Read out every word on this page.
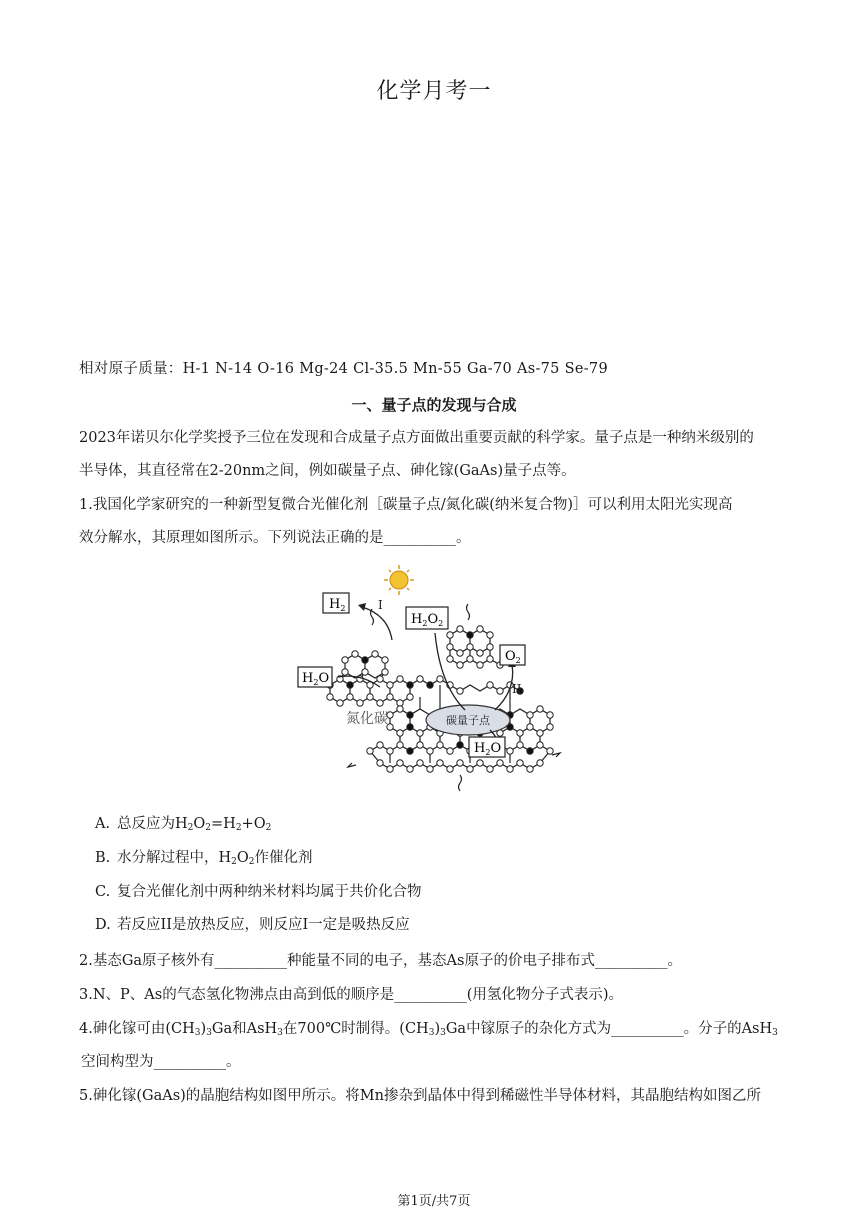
化学月考一
相对原子质量：H-1 N-14 O-16 Mg-24 Cl-35.5 Mn-55 Ga-70 As-75 Se-79
一、量子点的发现与合成
2023年诺贝尔化学奖授予三位在发现和合成量子点方面做出重要贡献的科学家。量子点是一种纳米级别的
半导体，其直径常在2-20nm之间，例如碳量子点、砷化镓(GaAs)量子点等。
1.我国化学家研究的一种新型复微合光催化剂［碳量子点/氮化碳(纳米复合物)］可以利用太阳光实现高
效分解水，其原理如图所示。下列说法正确的是__________。
碳量子点
氮化碳
I
II
$H_2$
$H_2O_2$
$O_2$
$H_2O$
$H_2O$
A. 总反应为$H_2O_2=H_2+O_2$
B. 水分解过程中，$H_2O_2$作催化剂
C. 复合光催化剂中两种纳米材料均属于共价化合物
D. 若反应II是放热反应，则反应I一定是吸热反应
2.基态Ga原子核外有__________种能量不同的电子，基态As原子的价电子排布式__________。
3.N、P、As的气态氢化物沸点由高到低的顺序是__________(用氢化物分子式表示)。
4.砷化镓可由$(CH_3)_3Ga$和AsH$_3$在700℃时制得。$(CH_3)_3Ga$中镓原子的杂化方式为__________。分子的AsH$_3$
空间构型为__________。
5.砷化镓(GaAs)的晶胞结构如图甲所示。将Mn掺杂到晶体中得到稀磁性半导体材料，其晶胞结构如图乙所
第1页/共7页
